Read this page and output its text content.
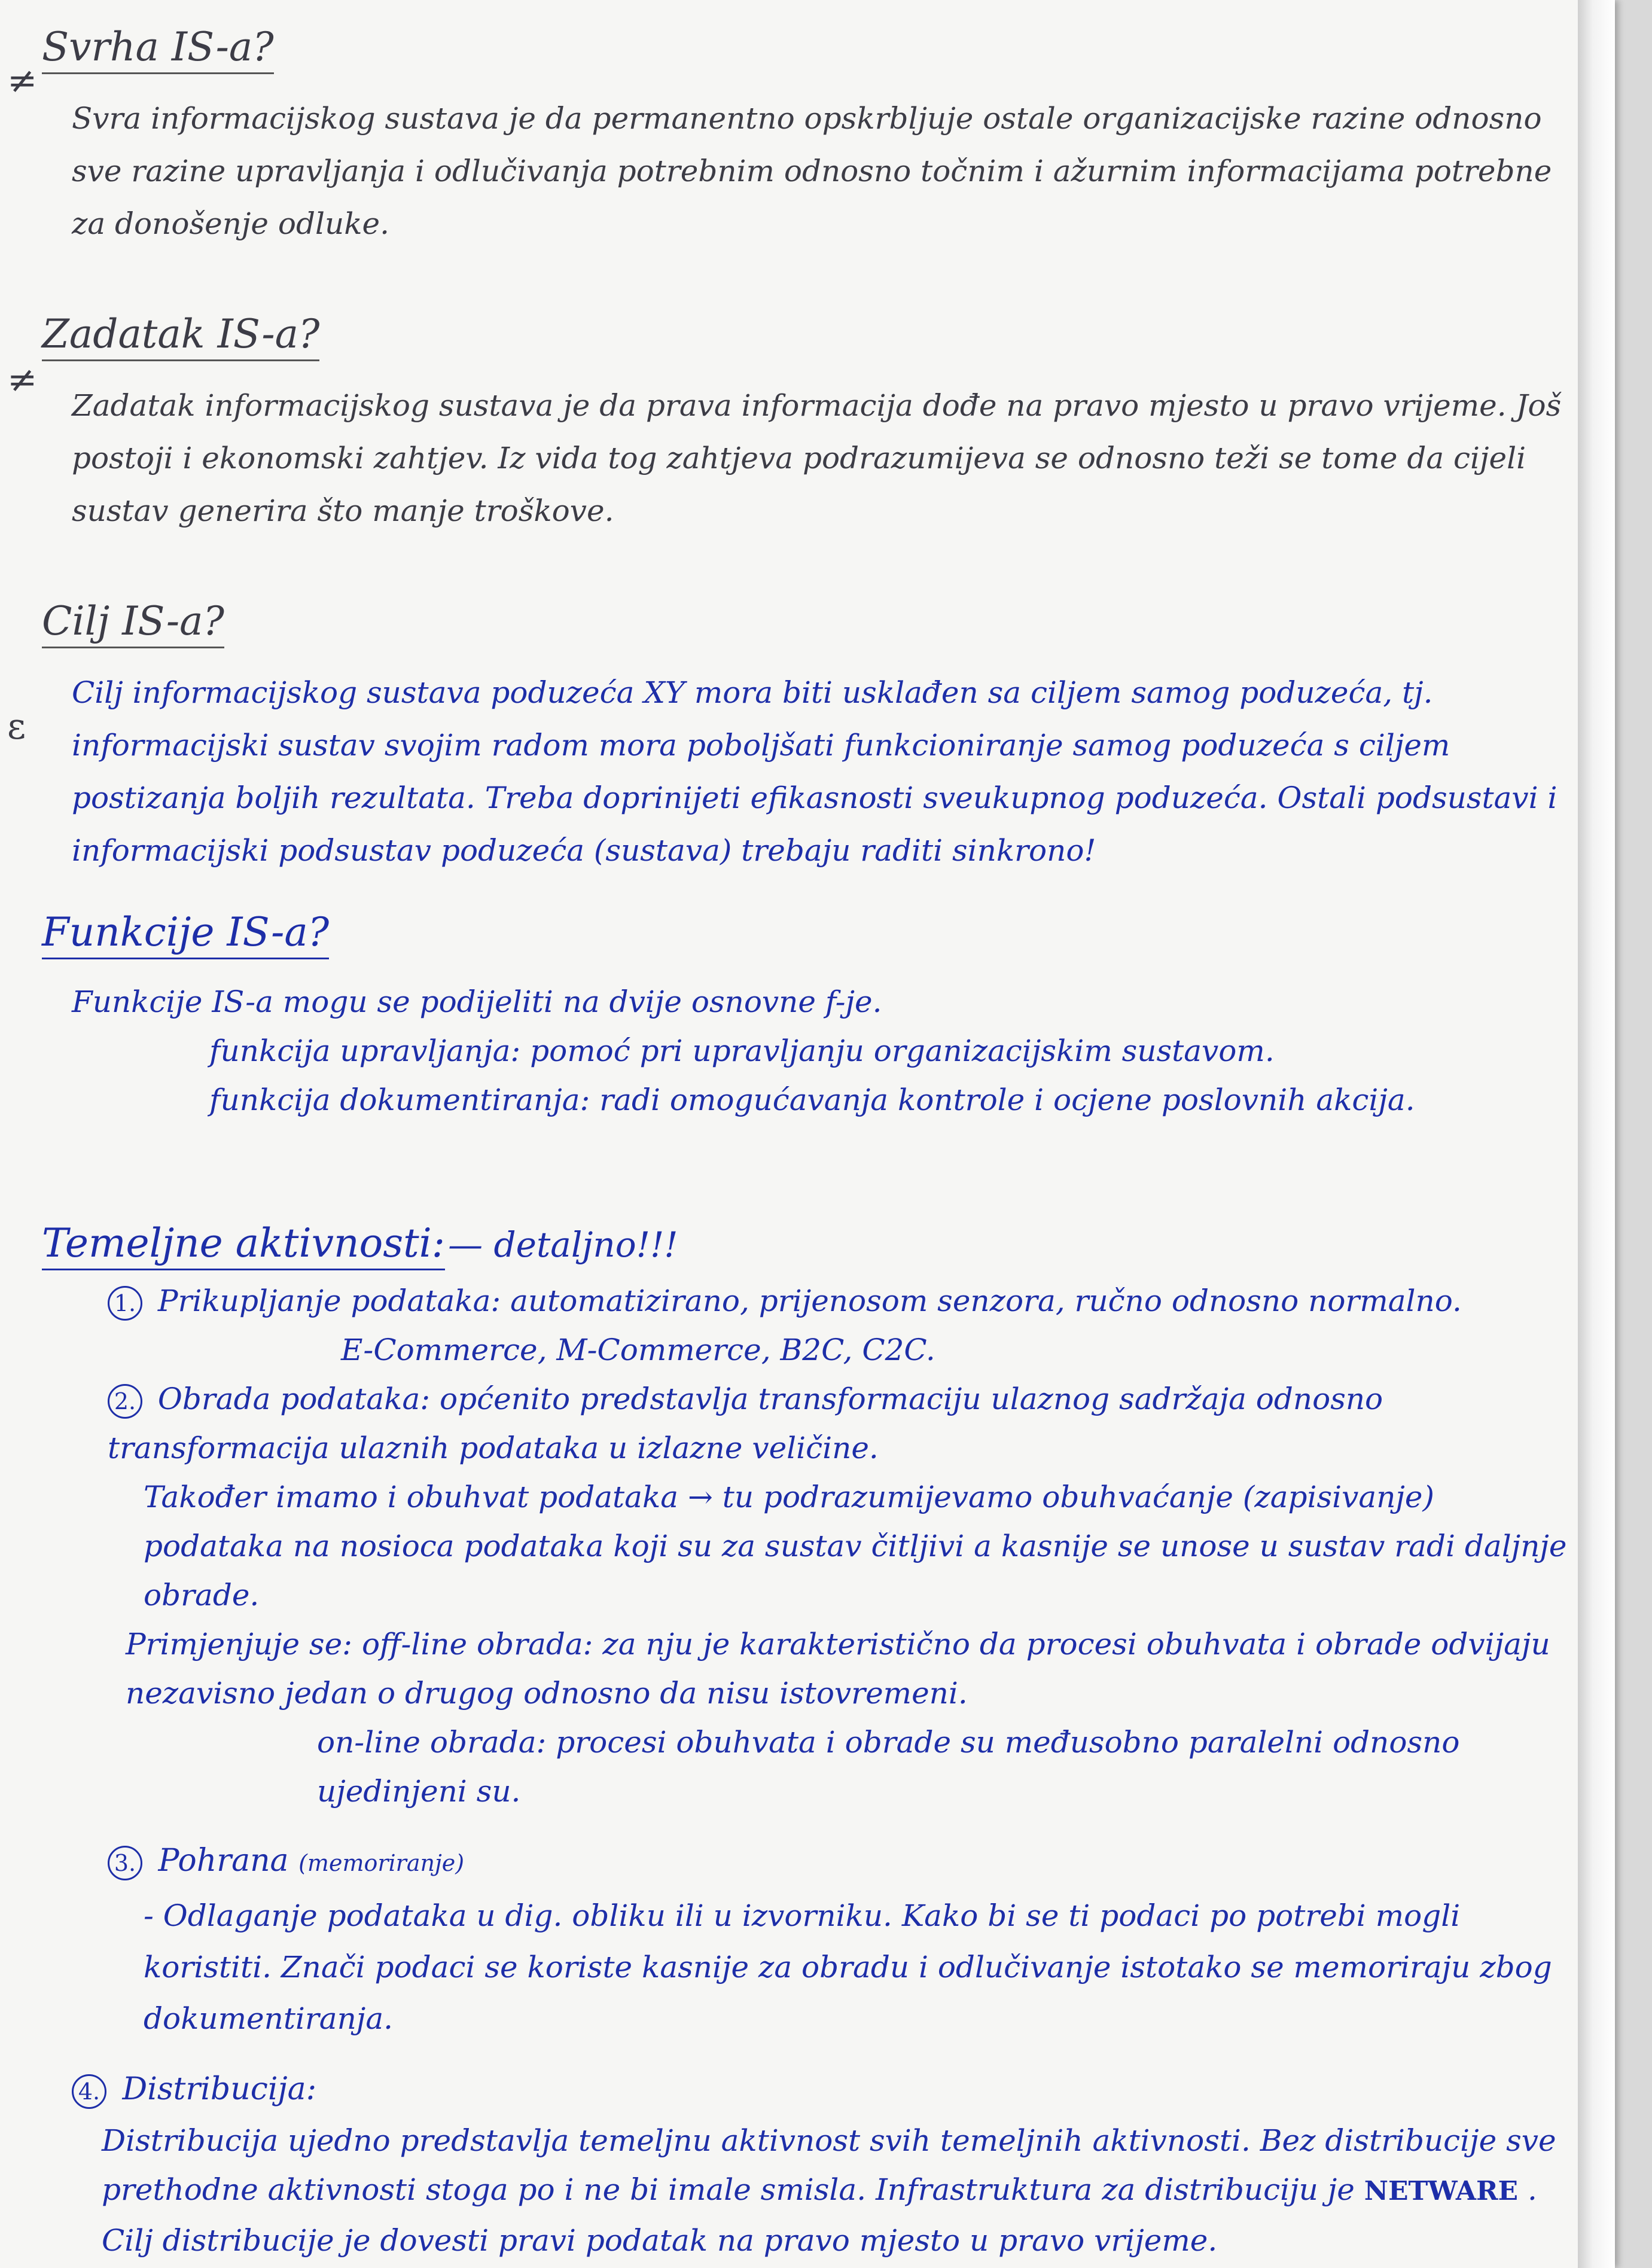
Svrha IS-a?

Svra informacijskog sustava je da permanentno opskrbljuje ostale organizacijske razine odnosno sve razine upravljanja i odlučivanja potrebnim odnosno točnim i ažurnim informacijama potrebne za donošenje odluke.

Zadatak IS-a?

Zadatak informacijskog sustava je da prava informacija dođe na pravo mjesto u pravo vrijeme. Još postoji i ekonomski zahtjev. Iz vida tog zahtjeva podrazumijeva se odnosno teži se tome da cijeli sustav generira što manje troškove.

Cilj IS-a?

Cilj informacijskog sustava poduzeća XY mora biti usklađen sa ciljem samog poduzeća, tj. informacijski sustav svojim radom mora poboljšati funkcioniranje samog poduzeća s ciljem postizanja boljih rezultata. Treba doprinijeti efikasnosti sveukupnog poduzeća. Ostali podsustavi i informacijski podsustav poduzeća (sustava) trebaju raditi sinkrono!

Funkcije IS-a?
Funkcije IS-a mogu se podijeliti na dvije osnovne f-je.
funkcija upravljanja: pomoć pri upravljanju organizacijskim sustavom.
funkcija dokumentiranja: radi omogućavanja kontrole i ocjene poslovnih akcija.
Temeljne aktivnosti: — detaljno!!!
1. Prikupljanje podataka: automatizirano, prijenosom senzora, ručno odnosno normalno.
E-Commerce, M-Commerce, B2C, C2C.
2. Obrada podataka: općenito predstavlja transformaciju ulaznog sadržaja odnosno transformacija ulaznih podataka u izlazne veličine.
Također imamo i obuhvat podataka → tu podrazumijevamo obuhvaćanje (zapisivanje) podataka na nosioca podataka koji su za sustav čitljivi a kasnije se unose u sustav radi daljnje obrade.
Primjenjuje se: off-line obrada: za nju je karakteristično da procesi obuhvata i obrade odvijaju nezavisno jedan o drugog odnosno da nisu istovremeni.
on-line obrada: procesi obuhvata i obrade su međusobno paralelni odnosno ujedinjeni su.
3. Pohrana (memoriranje)
- Odlaganje podataka u dig. obliku ili u izvorniku. Kako bi se ti podaci po potrebi mogli koristiti. Znači podaci se koriste kasnije za obradu i odlučivanje istotako se memoriraju zbog dokumentiranja.
4. Distribucija:
Distribucija ujedno predstavlja temeljnu aktivnost svih temeljnih aktivnosti. Bez distribucije sve prethodne aktivnosti stoga po i ne bi imale smisla. Infrastruktura za distribuciju je NETWARE . Cilj distribucije je dovesti pravi podatak na pravo mjesto u pravo vrijeme.
≠
≠
ɛ
